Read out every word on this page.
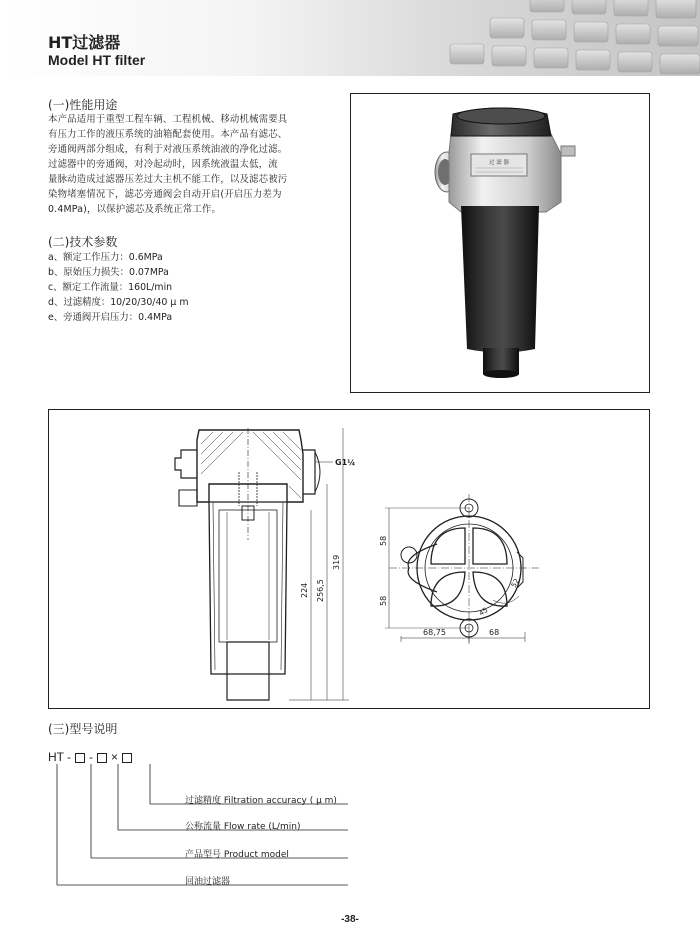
HT过滤器
Model HT filter
(一)性能用途
本产品适用于重型工程车辆、工程机械、移动机械需要具
有压力工作的液压系统的油箱配套使用。本产品有滤芯、
旁通阀两部分组成，有利于对液压系统油液的净化过滤。
过滤器中的旁通阀，对冷起动时，因系统液温太低，流
量脉动造成过滤器压差过大主机不能工作，以及滤芯被污
染物堵塞情况下，滤芯旁通阀会自动开启(开启压力差为
0.4MPa)，以保护滤芯及系统正常工作。
(二)技术参数
a、额定工作压力：0.6MPa
b、原始压力损失：0.07MPa
c、额定工作流量：160L/min
d、过滤精度：10/20/30/40 μ m
e、旁通阀开启压力：0.4MPa
过 滤 器
G1¼
224 256,5
319
58
58
68,75	68
45
52
(三)型号说明
HT - - ×
过滤精度 Filtration accuracy ( μ m)
公称流量 Flow rate (L/min)
产品型号 Product model
回油过滤器
-38-
